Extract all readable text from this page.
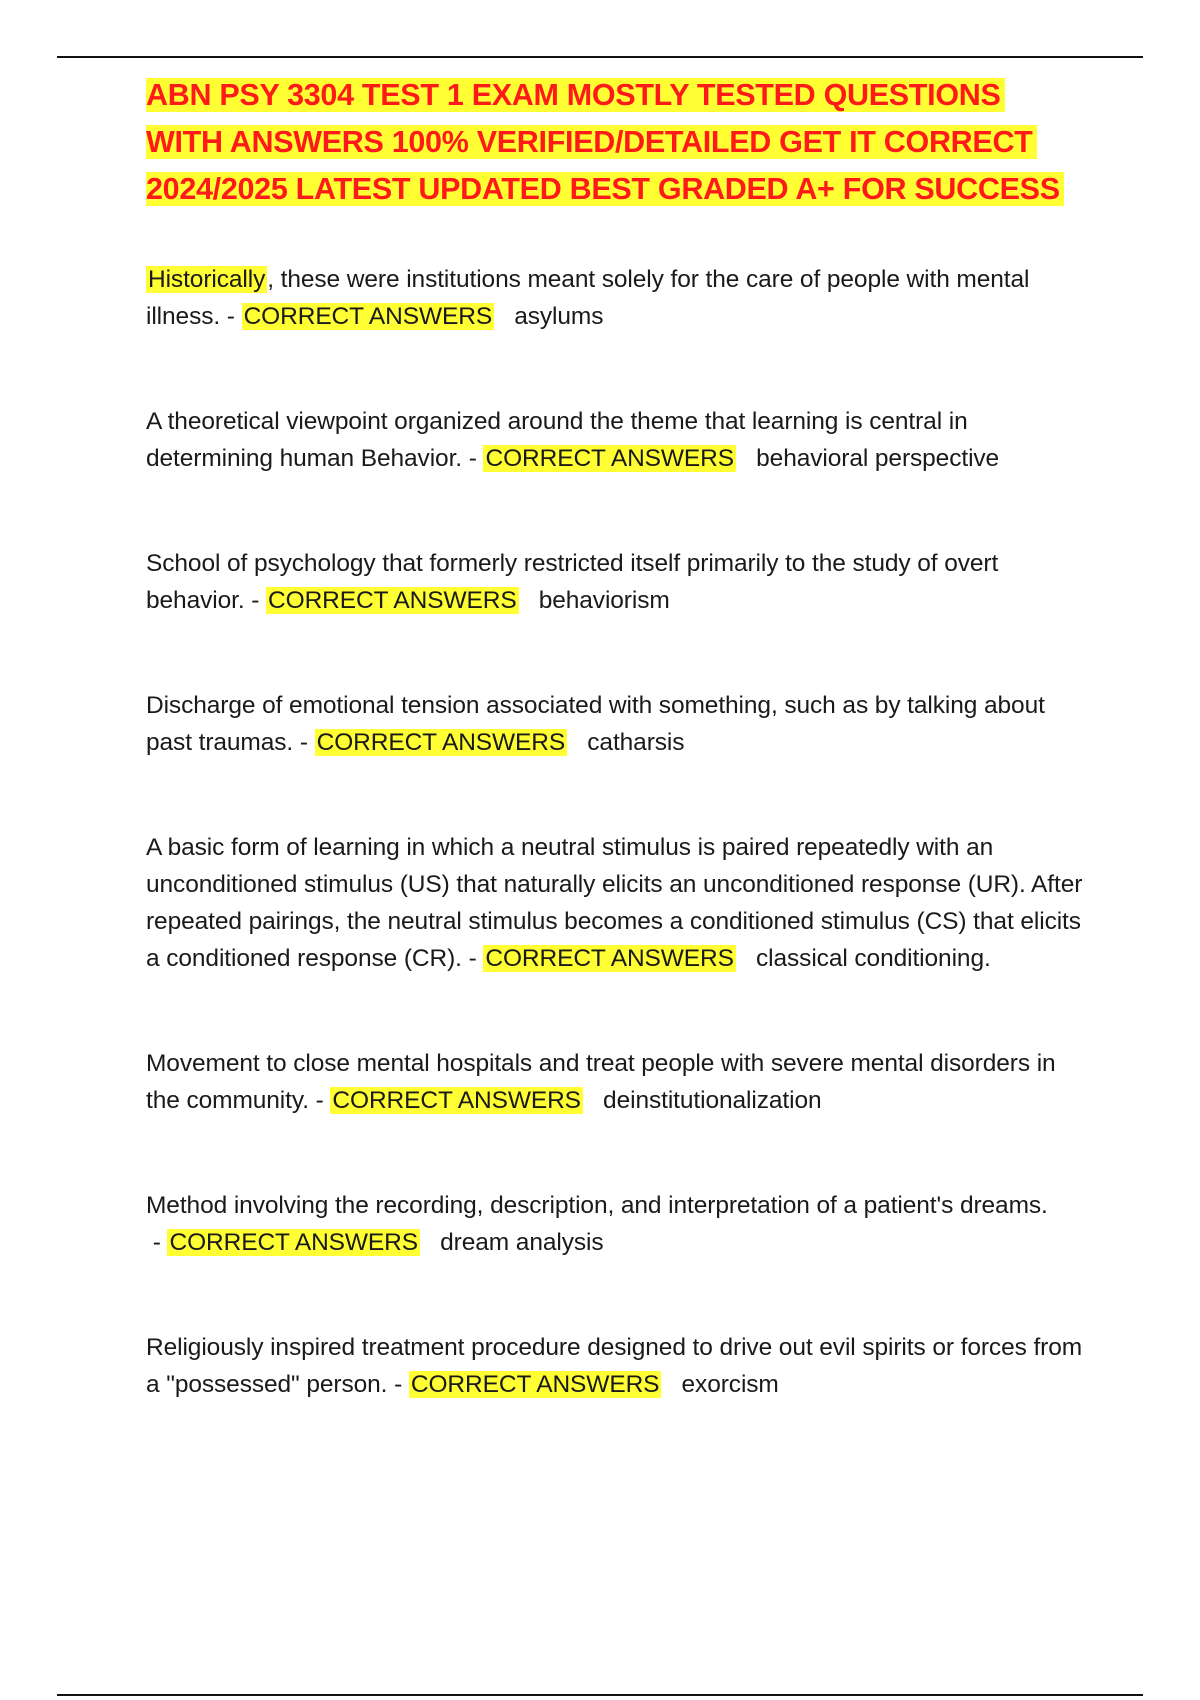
ABN PSY 3304 TEST 1 EXAM MOSTLY TESTED QUESTIONS
WITH ANSWERS 100% VERIFIED/DETAILED GET IT CORRECT
2024/2025 LATEST UPDATED BEST GRADED A+ FOR SUCCESS

Historically, these were institutions meant solely for the care of people with mental illness. - CORRECT ANSWERS asylums

A theoretical viewpoint organized around the theme that learning is central in determining human Behavior. - CORRECT ANSWERS behavioral perspective

School of psychology that formerly restricted itself primarily to the study of overt behavior. - CORRECT ANSWERS behaviorism

Discharge of emotional tension associated with something, such as by talking about past traumas. - CORRECT ANSWERS catharsis

A basic form of learning in which a neutral stimulus is paired repeatedly with an unconditioned stimulus (US) that naturally elicits an unconditioned response (UR). After repeated pairings, the neutral stimulus becomes a conditioned stimulus (CS) that elicits a conditioned response (CR). - CORRECT ANSWERS classical conditioning.

Movement to close mental hospitals and treat people with severe mental disorders in the community. - CORRECT ANSWERS deinstitutionalization

Method involving the recording, description, and interpretation of a patient's dreams. - CORRECT ANSWERS dream analysis

Religiously inspired treatment procedure designed to drive out evil spirits or forces from a "possessed" person. - CORRECT ANSWERS exorcism
